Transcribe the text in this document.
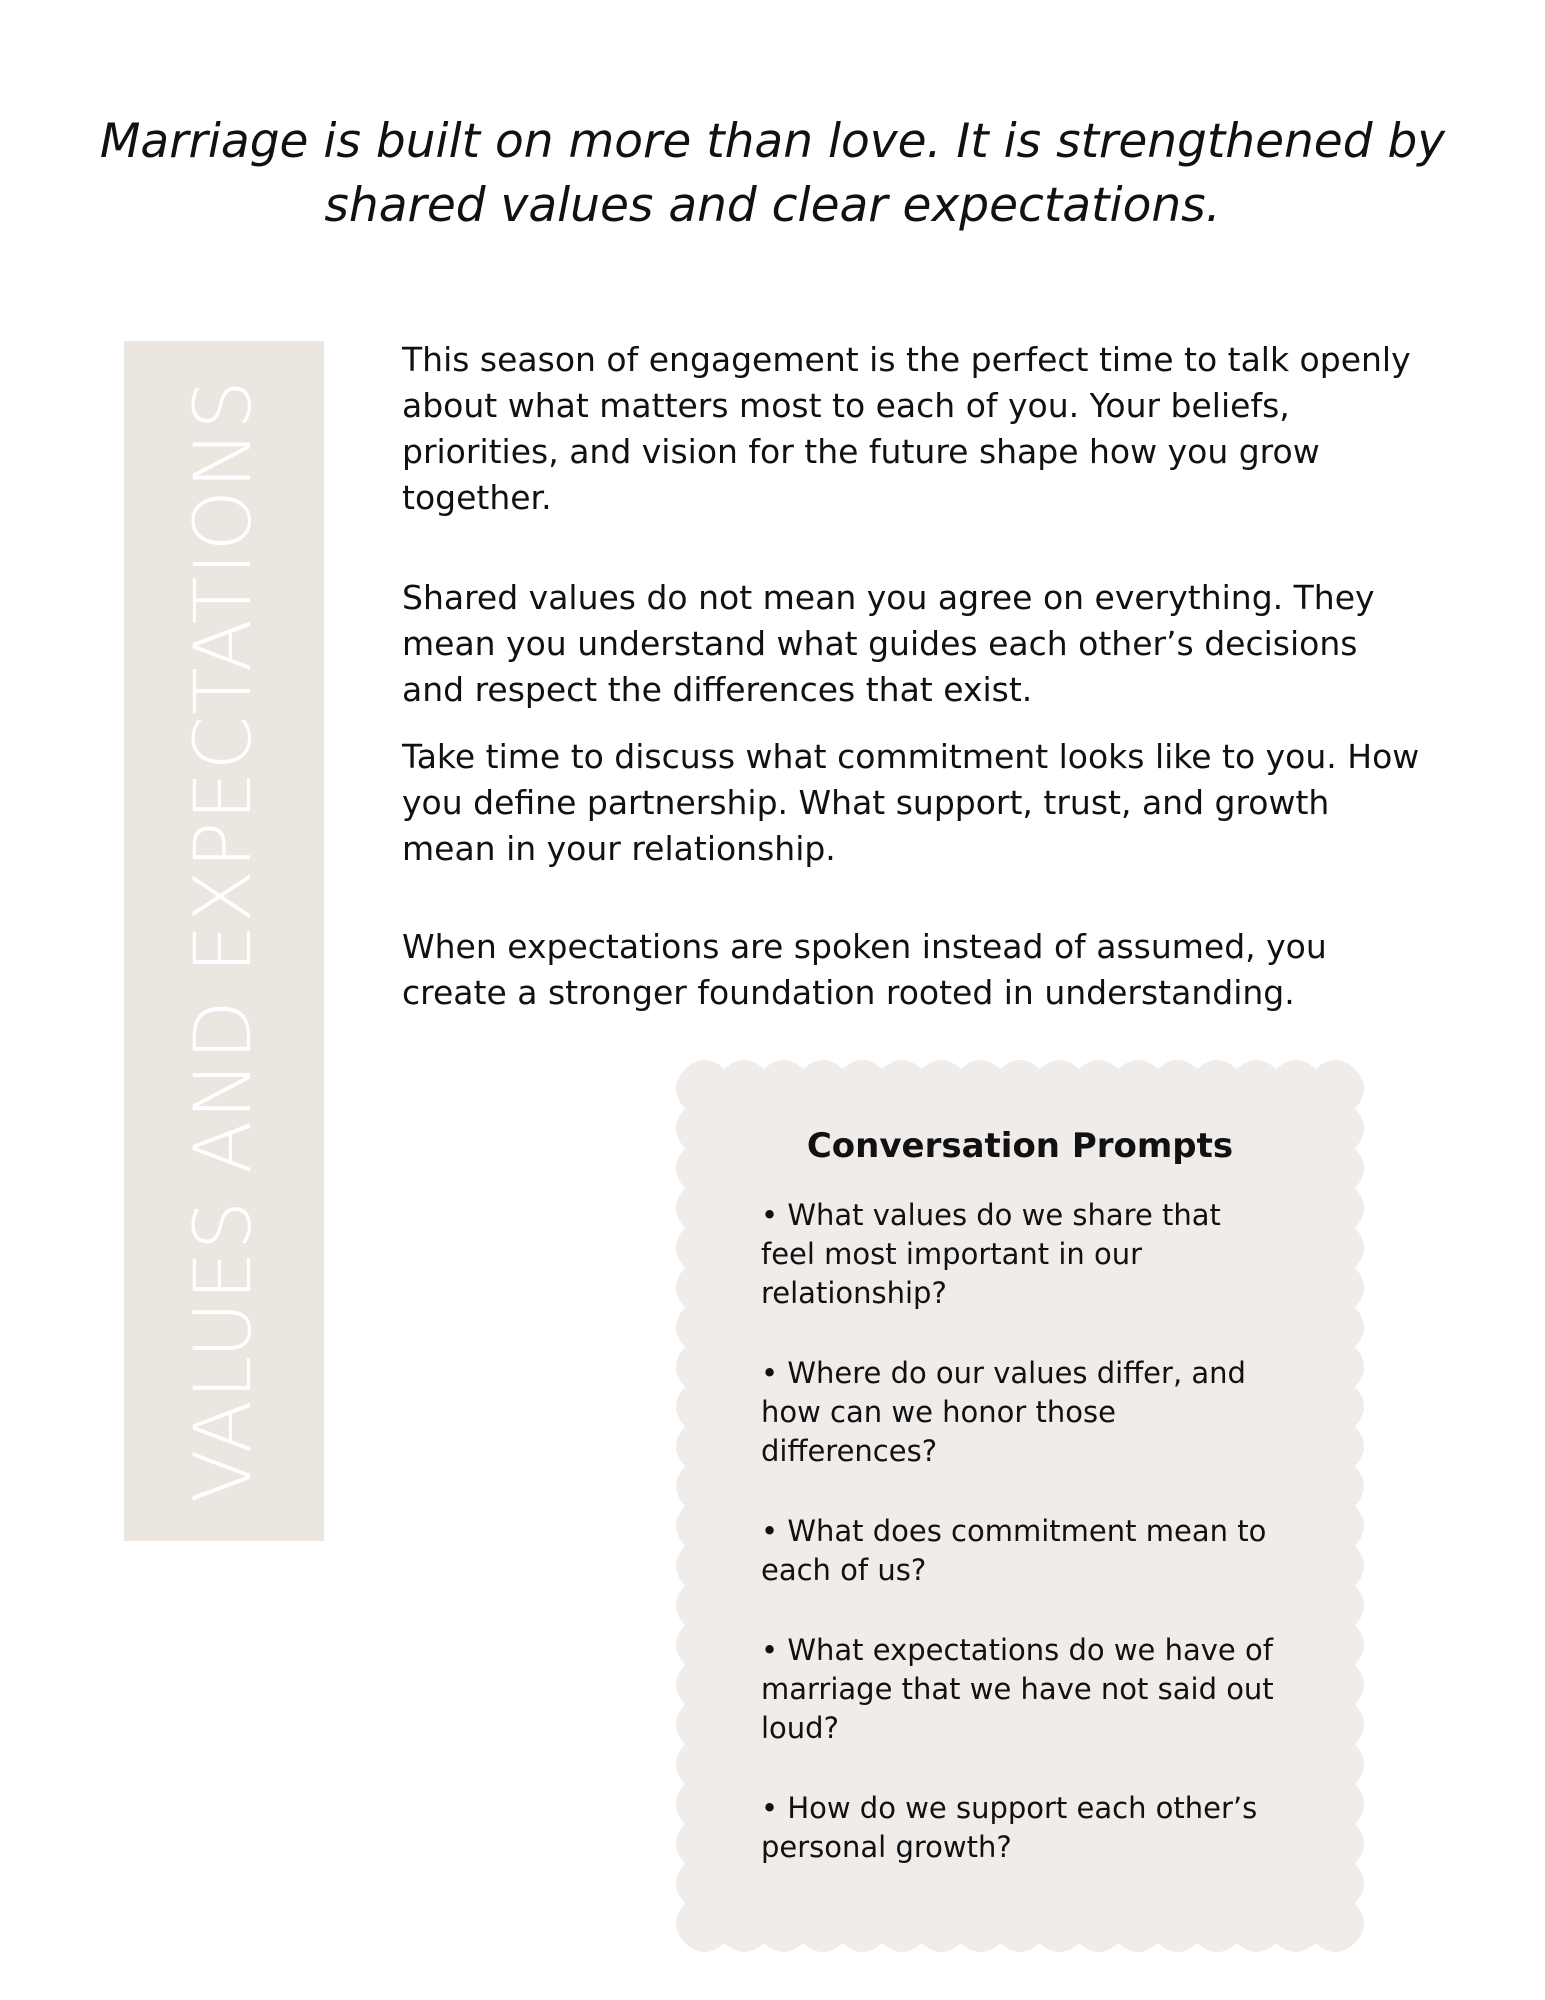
Marriage is built on more than love. It is strengthened by shared values and clear expectations.
VALUES AND EXPECTATIONS

This season of engagement is the perfect time to talk openly about what matters most to each of you. Your beliefs, priorities, and vision for the future shape how you grow together.

Shared values do not mean you agree on everything. They mean you understand what guides each other’s decisions and respect the differences that exist.

Take time to discuss what commitment looks like to you. How you define partnership. What support, trust, and growth mean in your relationship.

When expectations are spoken instead of assumed, you create a stronger foundation rooted in understanding.

Conversation Prompts

• What values do we share that feel most important in our relationship?

• Where do our values differ, and how can we honor those differences?

• What does commitment mean to each of us?

• What expectations do we have of marriage that we have not said out loud?

• How do we support each other’s personal growth?
